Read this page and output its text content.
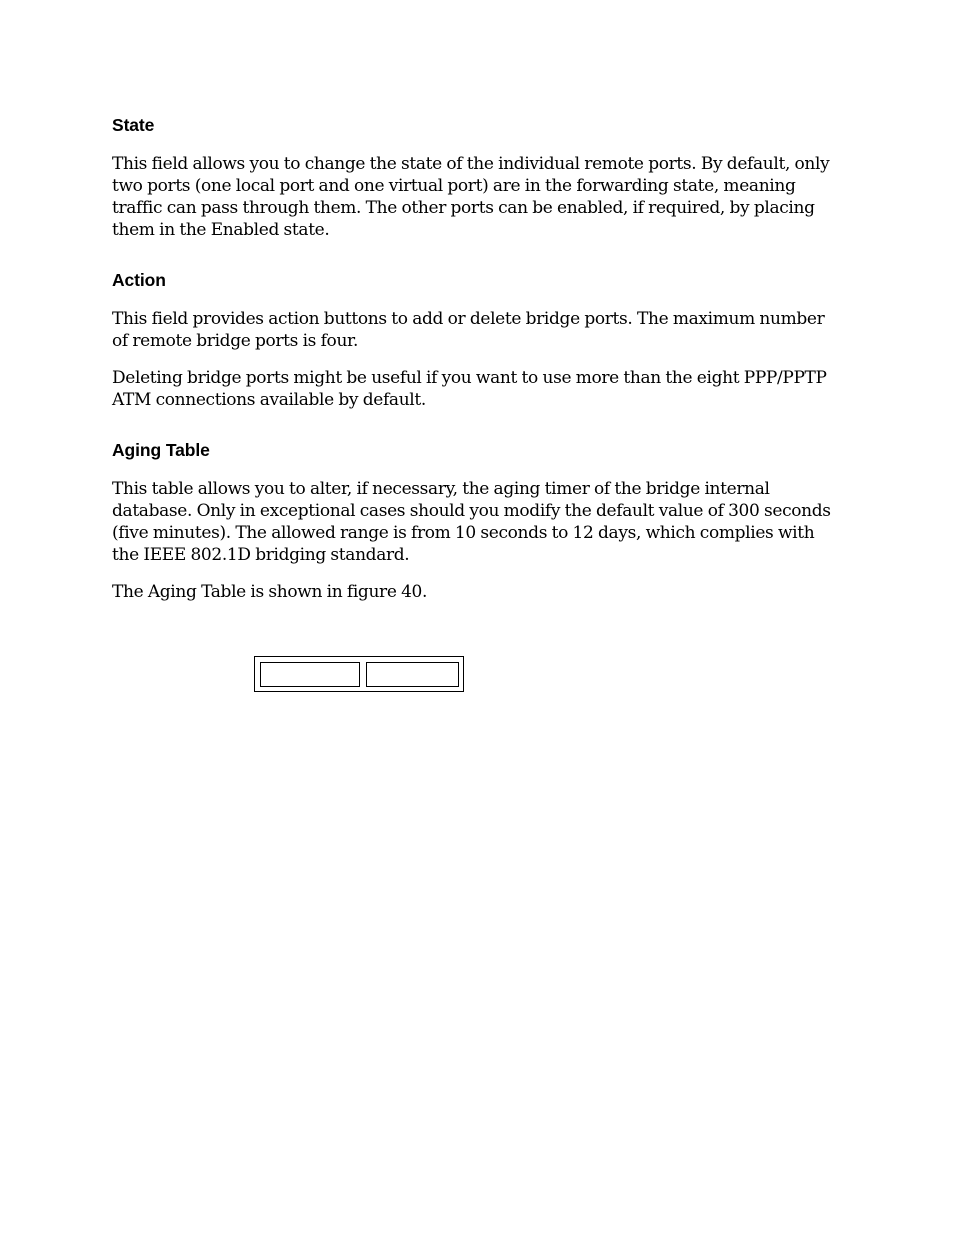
State

This field allows you to change the state of the individual remote ports. By default, only two ports (one local port and one virtual port) are in the forwarding state, meaning traffic can pass through them. The other ports can be enabled, if required, by placing them in the Enabled state.

Action

This field provides action buttons to add or delete bridge ports. The maximum number of remote bridge ports is four.

Deleting bridge ports might be useful if you want to use more than the eight PPP/PPTP ATM connections available by default.

Aging Table

This table allows you to alter, if necessary, the aging timer of the bridge internal database. Only in exceptional cases should you modify the default value of 300 seconds (five minutes). The allowed range is from 10 seconds to 12 days, which complies with the IEEE 802.1D bridging standard.

The Aging Table is shown in figure 40.
